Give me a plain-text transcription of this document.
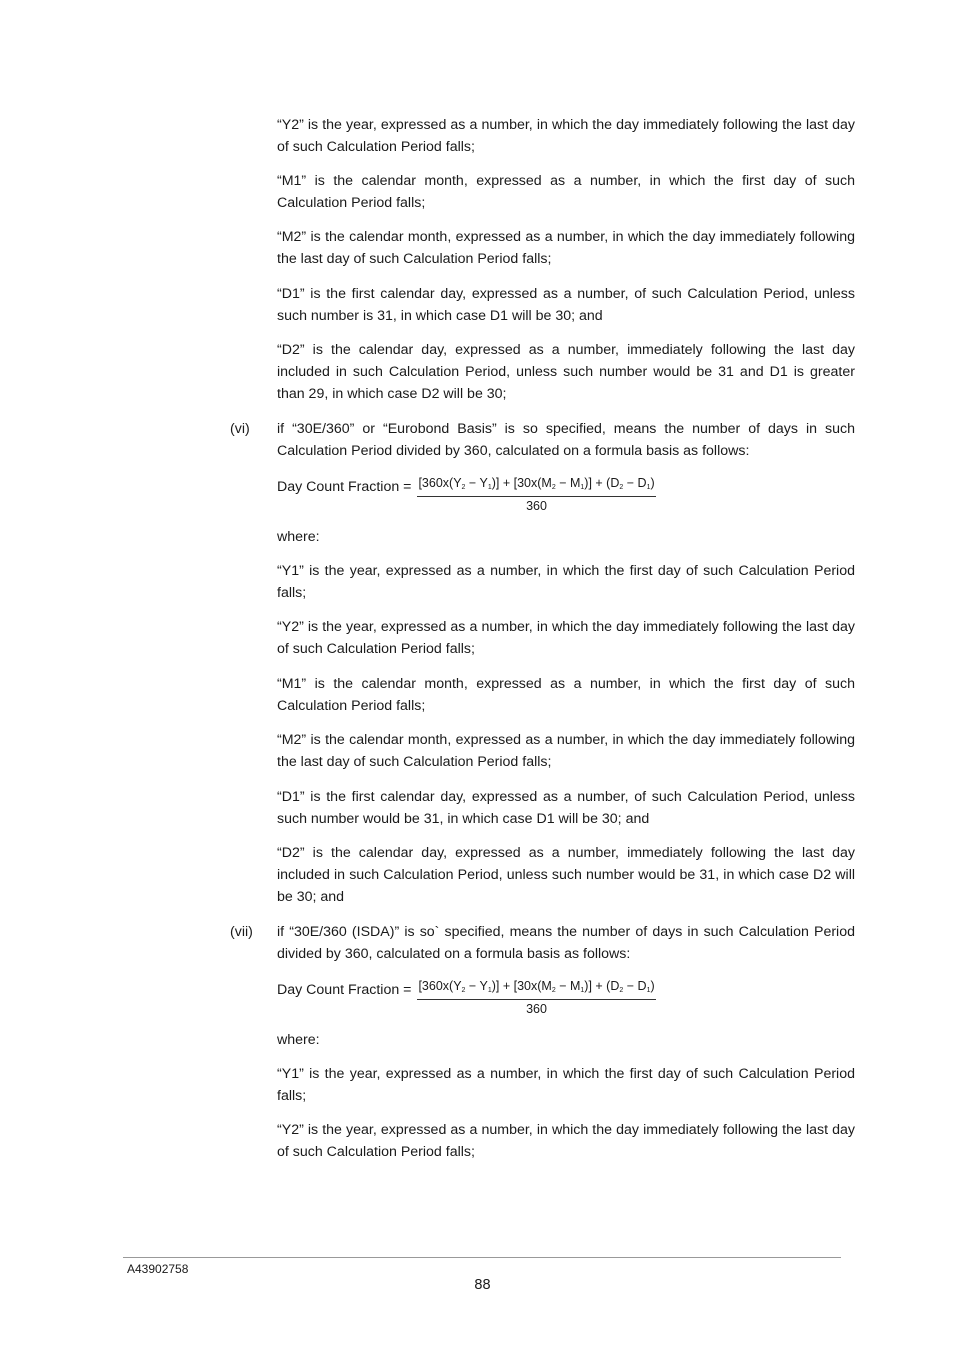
“Y2” is the year, expressed as a number, in which the day immediately following the last day of such Calculation Period falls;

“M1” is the calendar month, expressed as a number, in which the first day of such Calculation Period falls;

“M2” is the calendar month, expressed as a number, in which the day immediately following the last day of such Calculation Period falls;

“D1” is the first calendar day, expressed as a number, of such Calculation Period, unless such number is 31, in which case D1 will be 30; and

“D2” is the calendar day, expressed as a number, immediately following the last day included in such Calculation Period, unless such number would be 31 and D1 is greater than 29, in which case D2 will be 30;

(vi) if “30E/360” or “Eurobond Basis” is so specified, means the number of days in such Calculation Period divided by 360, calculated on a formula basis as follows:

Day Count Fraction = $\frac{[360x(Y_2 - Y_1)] + [30x(M_2 - M_1)] + (D_2 - D_1)}{360}$

where:

“Y1” is the year, expressed as a number, in which the first day of such Calculation Period falls;

“Y2” is the year, expressed as a number, in which the day immediately following the last day of such Calculation Period falls;

“M1” is the calendar month, expressed as a number, in which the first day of such Calculation Period falls;

“M2” is the calendar month, expressed as a number, in which the day immediately following the last day of such Calculation Period falls;

“D1” is the first calendar day, expressed as a number, of such Calculation Period, unless such number would be 31, in which case D1 will be 30; and

“D2” is the calendar day, expressed as a number, immediately following the last day included in such Calculation Period, unless such number would be 31, in which case D2 will be 30; and

(vii) if “30E/360 (ISDA)” is so` specified, means the number of days in such Calculation Period divided by 360, calculated on a formula basis as follows:

Day Count Fraction = $\frac{[360x(Y_2 - Y_1)] + [30x(M_2 - M_1)] + (D_2 - D_1)}{360}$

where:

“Y1” is the year, expressed as a number, in which the first day of such Calculation Period falls;

“Y2” is the year, expressed as a number, in which the day immediately following the last day of such Calculation Period falls;

A43902758
88
